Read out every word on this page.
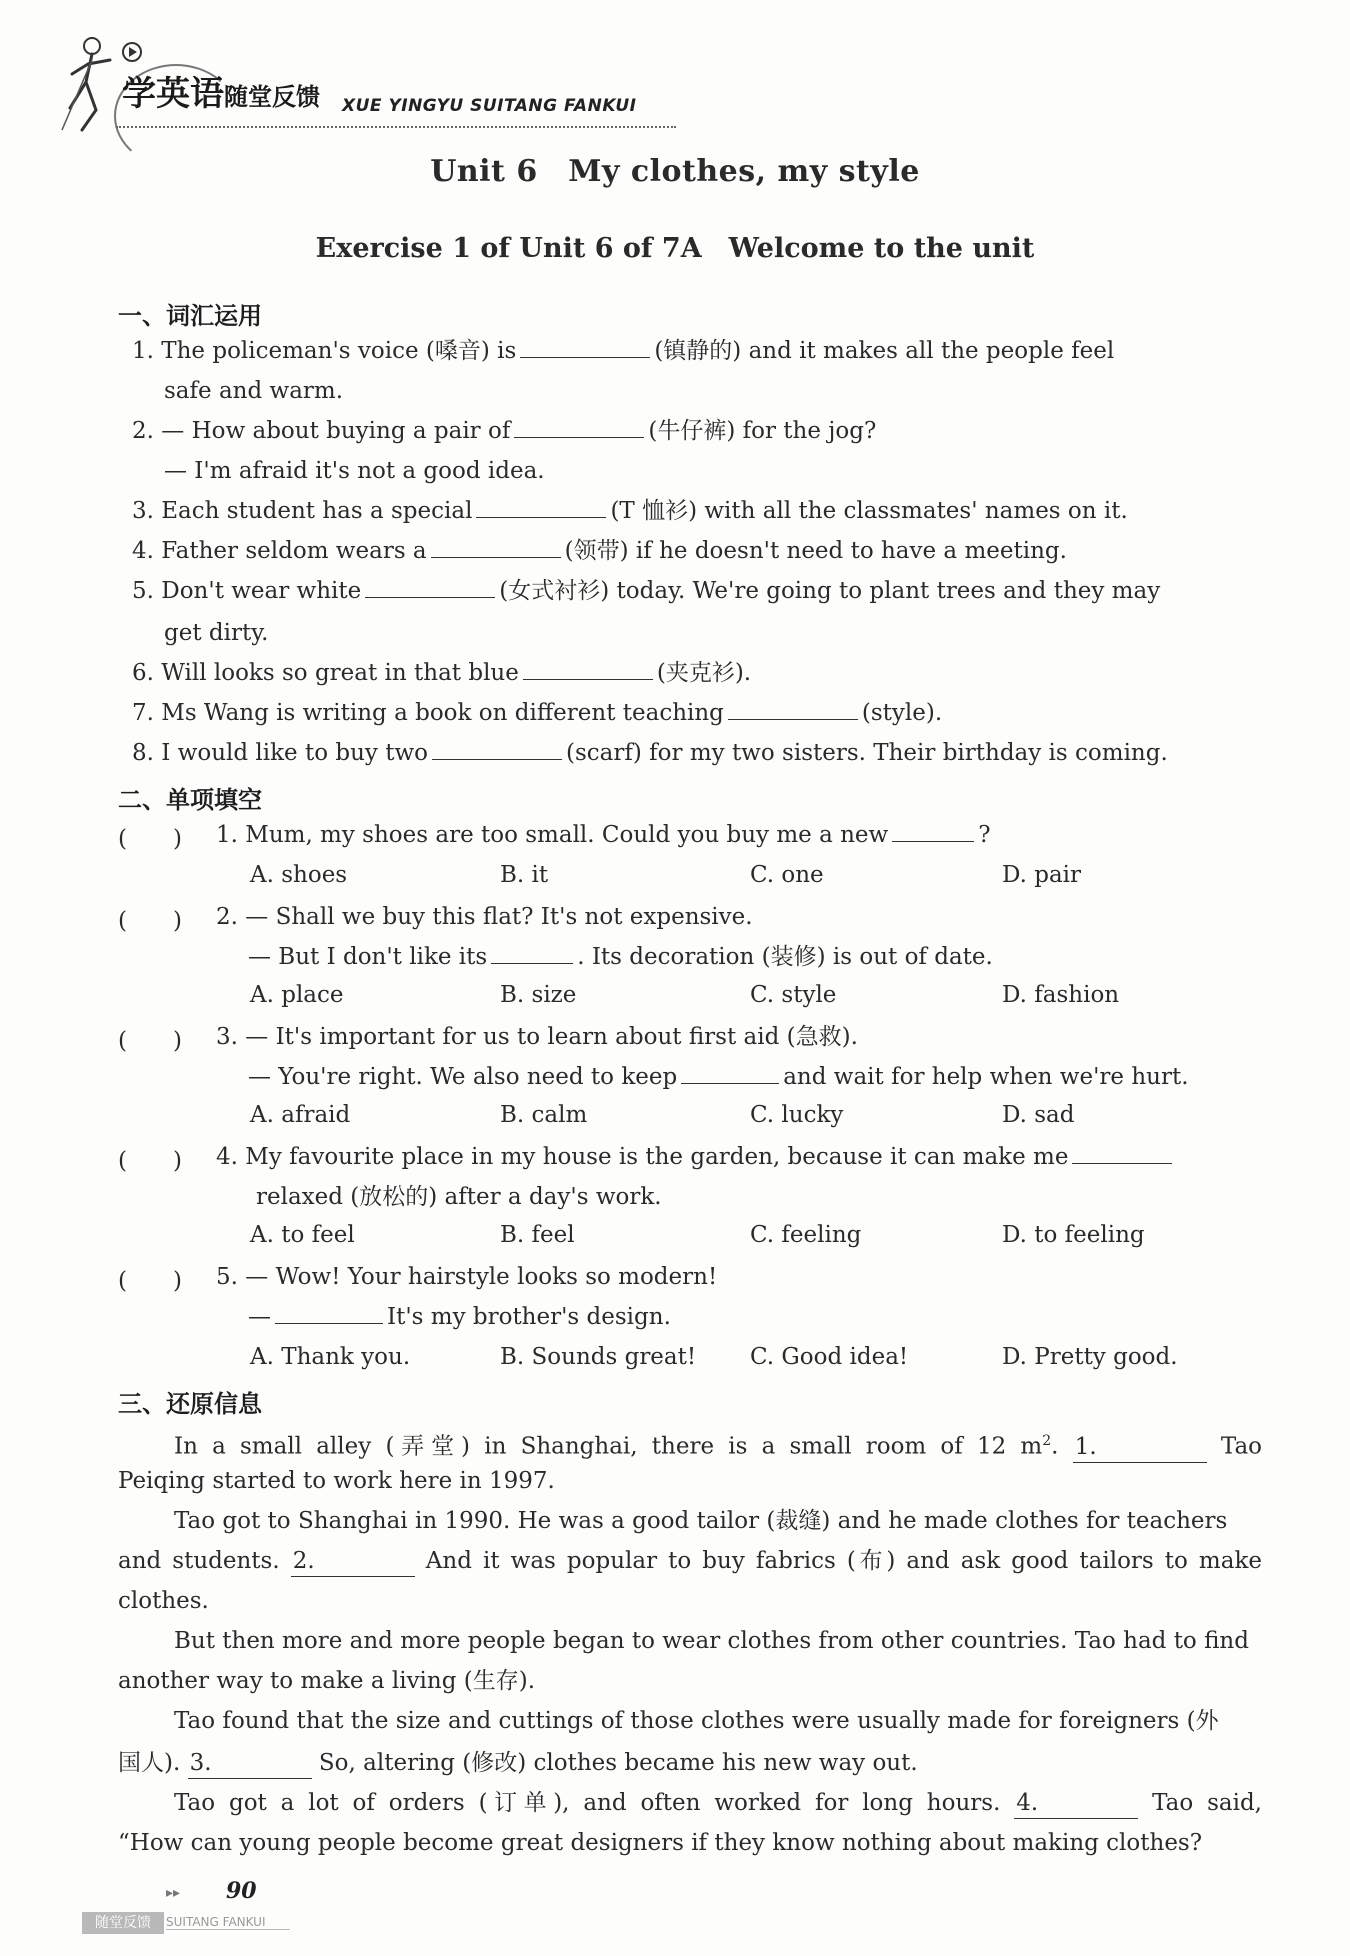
学英语随堂反馈 XUE YINGYU SUITANG FANKUI
Unit 6　My clothes, my style
Exercise 1 of Unit 6 of 7A　Welcome to the unit
一、词汇运用
1. The policeman's voice (嗓音) is	(镇静的) and it makes all the people feel
safe and warm.
2. — How about buying a pair of	(牛仔裤) for the jog?
— I'm afraid it's not a good idea.
3. Each student has a special	(T 恤衫) with all the classmates' names on it.
4. Father seldom wears a	(领带) if he doesn't need to have a meeting.
5. Don't wear white	(女式衬衫) today. We're going to plant trees and they may
get dirty.
6. Will looks so great in that blue	(夹克衫).
7. Ms Wang is writing a book on different teaching	(style).
8. I would like to buy two	(scarf) for my two sisters. Their birthday is coming.
二、单项填空
(　　) 1. Mum, my shoes are too small. Could you buy me a new	?
A. shoes	B. it	C. one	D. pair
(　　) 2. — Shall we buy this flat? It's not expensive.
— But I don't like its	. Its decoration (装修) is out of date.
A. place	B. size	C. style	D. fashion
(　　) 3. — It's important for us to learn about first aid (急救).
— You're right. We also need to keep	and wait for help when we're hurt.
A. afraid	B. calm	C. lucky	D. sad
(　　) 4. My favourite place in my house is the garden, because it can make me
relaxed (放松的) after a day's work.
A. to feel	B. feel	C. feeling	D. to feeling
(　　) 5. — Wow! Your hairstyle looks so modern!
—	It's my brother's design.
A. Thank you.	B. Sounds great! C. Good idea!	D. Pretty good.
三、还原信息
In a small alley (弄堂) in Shanghai, there is a small room of 12 $m^2$. 1.	Tao
Peiqing started to work here in 1997.
Tao got to Shanghai in 1990. He was a good tailor (裁缝) and he made clothes for teachers
and students. 2.	And it was popular to buy fabrics (布) and ask good tailors to make
clothes.
But then more and more people began to wear clothes from other countries. Tao had to find
another way to make a living (生存).
Tao found that the size and cuttings of those clothes were usually made for foreigners (外
国人). 3.	So, altering (修改) clothes became his new way out.
Tao got a lot of orders (订单), and often worked for long hours. 4.	Tao said,
“How can young people become great designers if they know nothing about making clothes?
▸▸ 90
随堂反馈	SUITANG FANKUI
